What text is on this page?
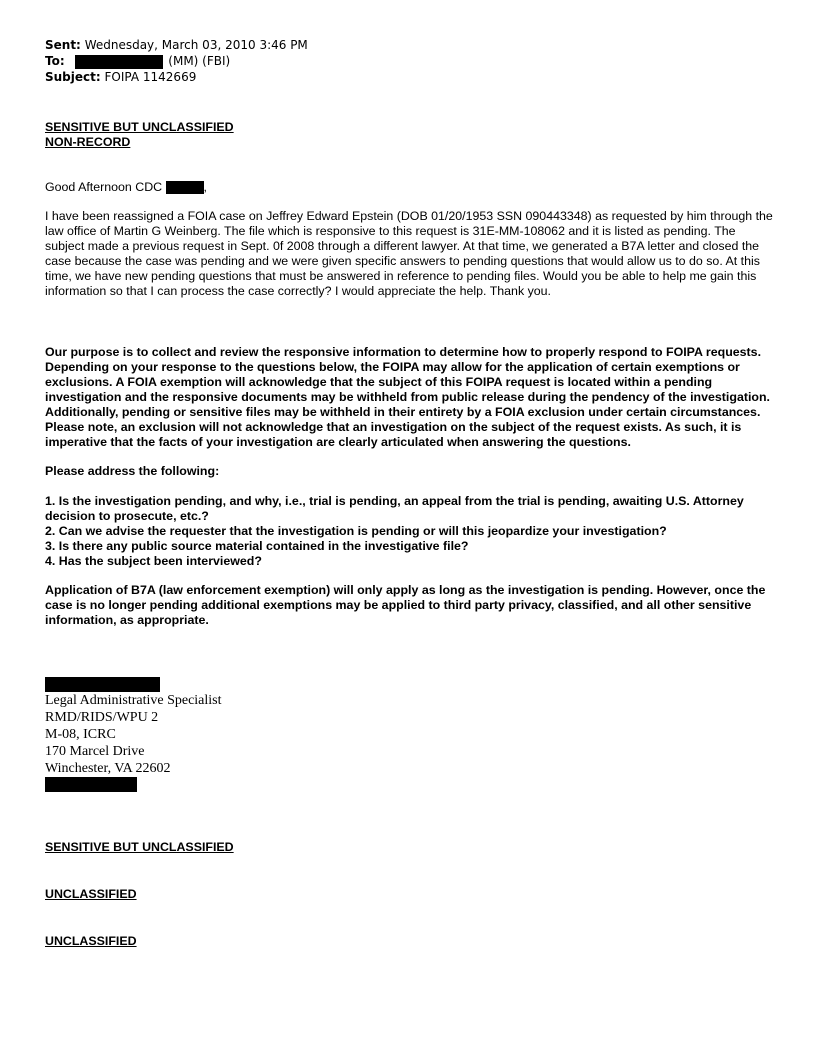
Sent: Wednesday, March 03, 2010 3:46 PM
To:	(MM) (FBI)
Subject: FOIPA 1142669
SENSITIVE BUT UNCLASSIFIED
NON-RECORD
Good Afternoon CDC	,

I have been reassigned a FOIA case on Jeffrey Edward Epstein (DOB 01/20/1953 SSN 090443348) as requested by him through the law office of Martin G Weinberg. The file which is responsive to this request is 31E-MM-108062 and it is listed as pending. The subject made a previous request in Sept. 0f 2008 through a different lawyer. At that time, we generated a B7A letter and closed the case because the case was pending and we were given specific answers to pending questions that would allow us to do so. At this time, we have new pending questions that must be answered in reference to pending files. Would you be able to help me gain this information so that I can process the case correctly? I would appreciate the help. Thank you.

Our purpose is to collect and review the responsive information to determine how to properly respond to FOIPA requests. Depending on your response to the questions below, the FOIPA may allow for the application of certain exemptions or exclusions. A FOIA exemption will acknowledge that the subject of this FOIPA request is located within a pending investigation and the responsive documents may be withheld from public release during the pendency of the investigation. Additionally, pending or sensitive files may be withheld in their entirety by a FOIA exclusion under certain circumstances. Please note, an exclusion will not acknowledge that an investigation on the subject of the request exists. As such, it is imperative that the facts of your investigation are clearly articulated when answering the questions.

Please address the following:

1. Is the investigation pending, and why, i.e., trial is pending, an appeal from the trial is pending, awaiting U.S. Attorney decision to prosecute, etc.?
2. Can we advise the requester that the investigation is pending or will this jeopardize your investigation?
3. Is there any public source material contained in the investigative file?
4. Has the subject been interviewed?

Application of B7A (law enforcement exemption) will only apply as long as the investigation is pending. However, once the case is no longer pending additional exemptions may be applied to third party privacy, classified, and all other sensitive information, as appropriate.

Legal Administrative Specialist
RMD/RIDS/WPU 2
M-08, ICRC
170 Marcel Drive
Winchester, VA 22602
SENSITIVE BUT UNCLASSIFIED
UNCLASSIFIED
UNCLASSIFIED
